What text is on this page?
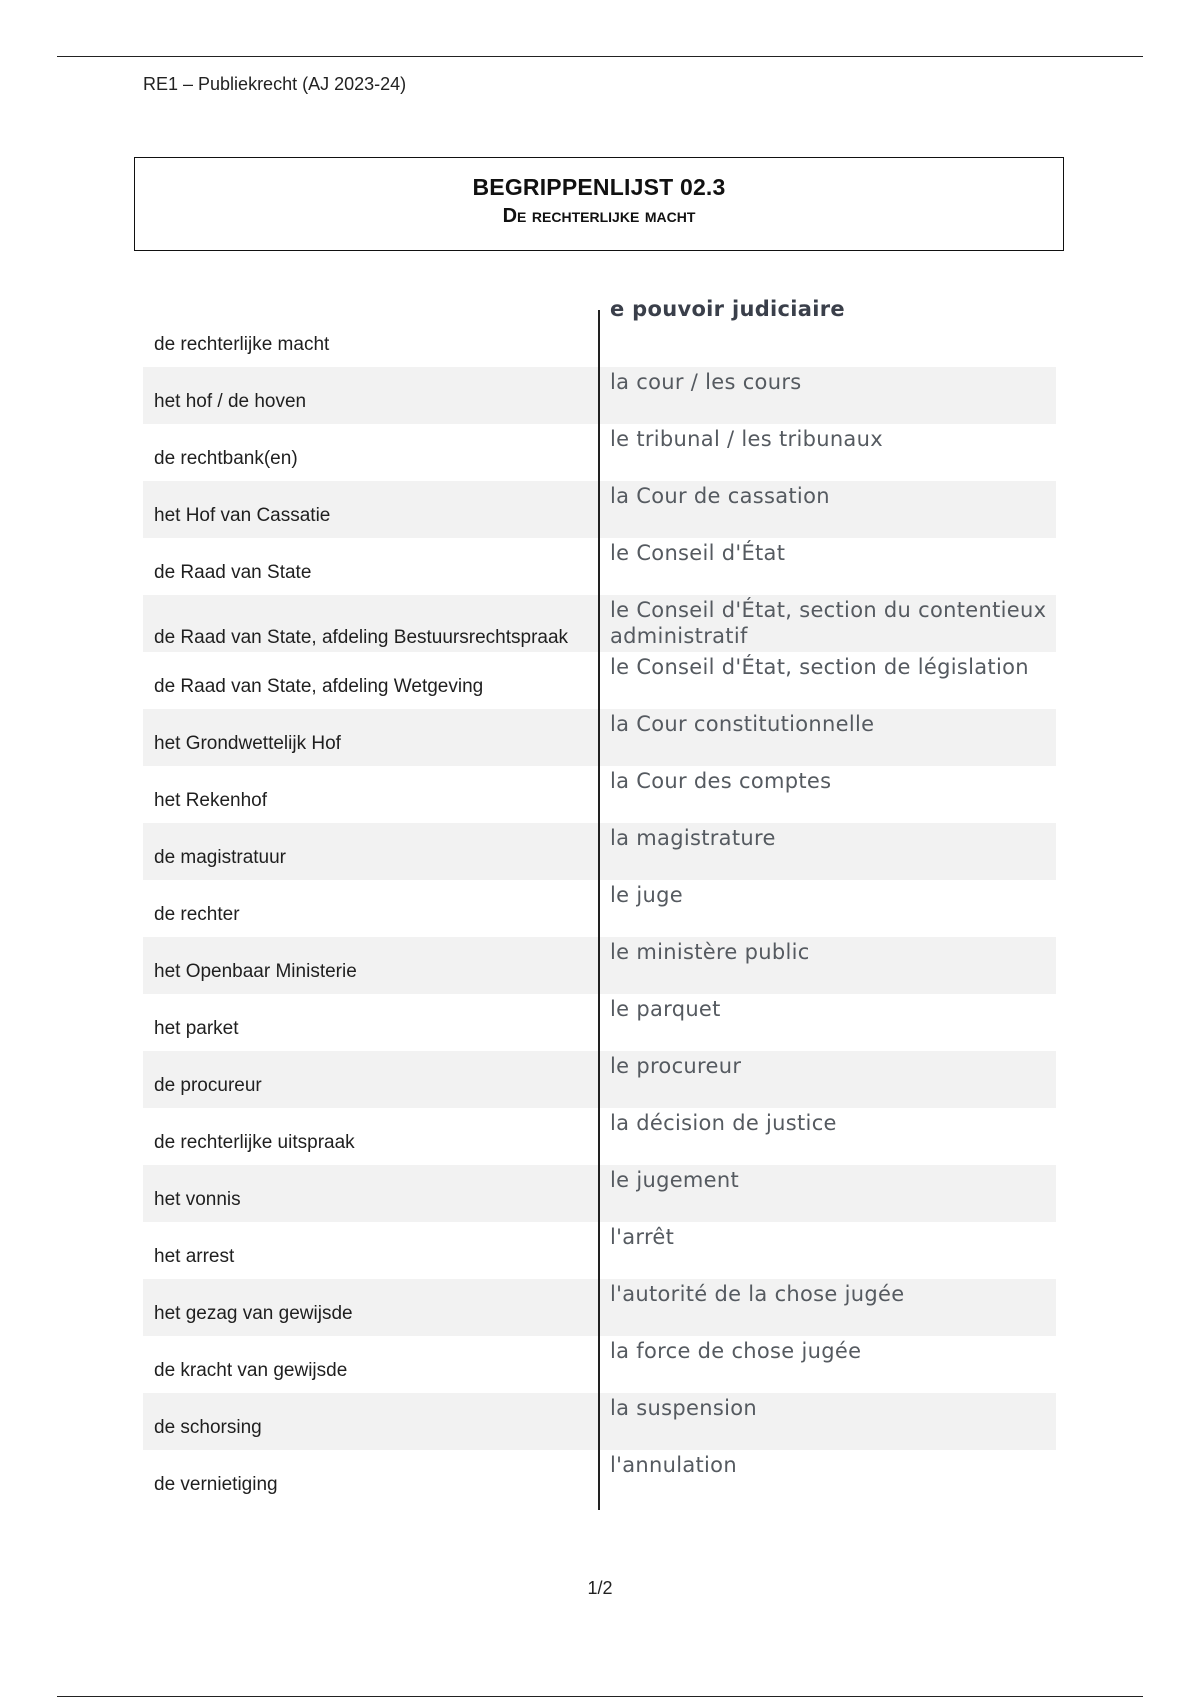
RE1 – Publiekrecht (AJ 2023-24)
BEGRIPPENLIJST 02.3
De rechterlijke macht
de rechterlijke macht
e pouvoir judiciaire
het hof / de hoven
la cour / les cours
de rechtbank(en)
le tribunal / les tribunaux
het Hof van Cassatie
la Cour de cassation
de Raad van State
le Conseil d'État
de Raad van State, afdeling Bestuursrechtspraak
le Conseil d'État, section du contentieux administratif
de Raad van State, afdeling Wetgeving
le Conseil d'État, section de législation
het Grondwettelijk Hof
la Cour constitutionnelle
het Rekenhof
la Cour des comptes
de magistratuur
la magistrature
de rechter
le juge
het Openbaar Ministerie
le ministère public
het parket
le parquet
de procureur
le procureur
de rechterlijke uitspraak
la décision de justice
het vonnis
le jugement
het arrest
l'arrêt
het gezag van gewijsde
l'autorité de la chose jugée
de kracht van gewijsde
la force de chose jugée
de schorsing
la suspension
de vernietiging
l'annulation
1/2
